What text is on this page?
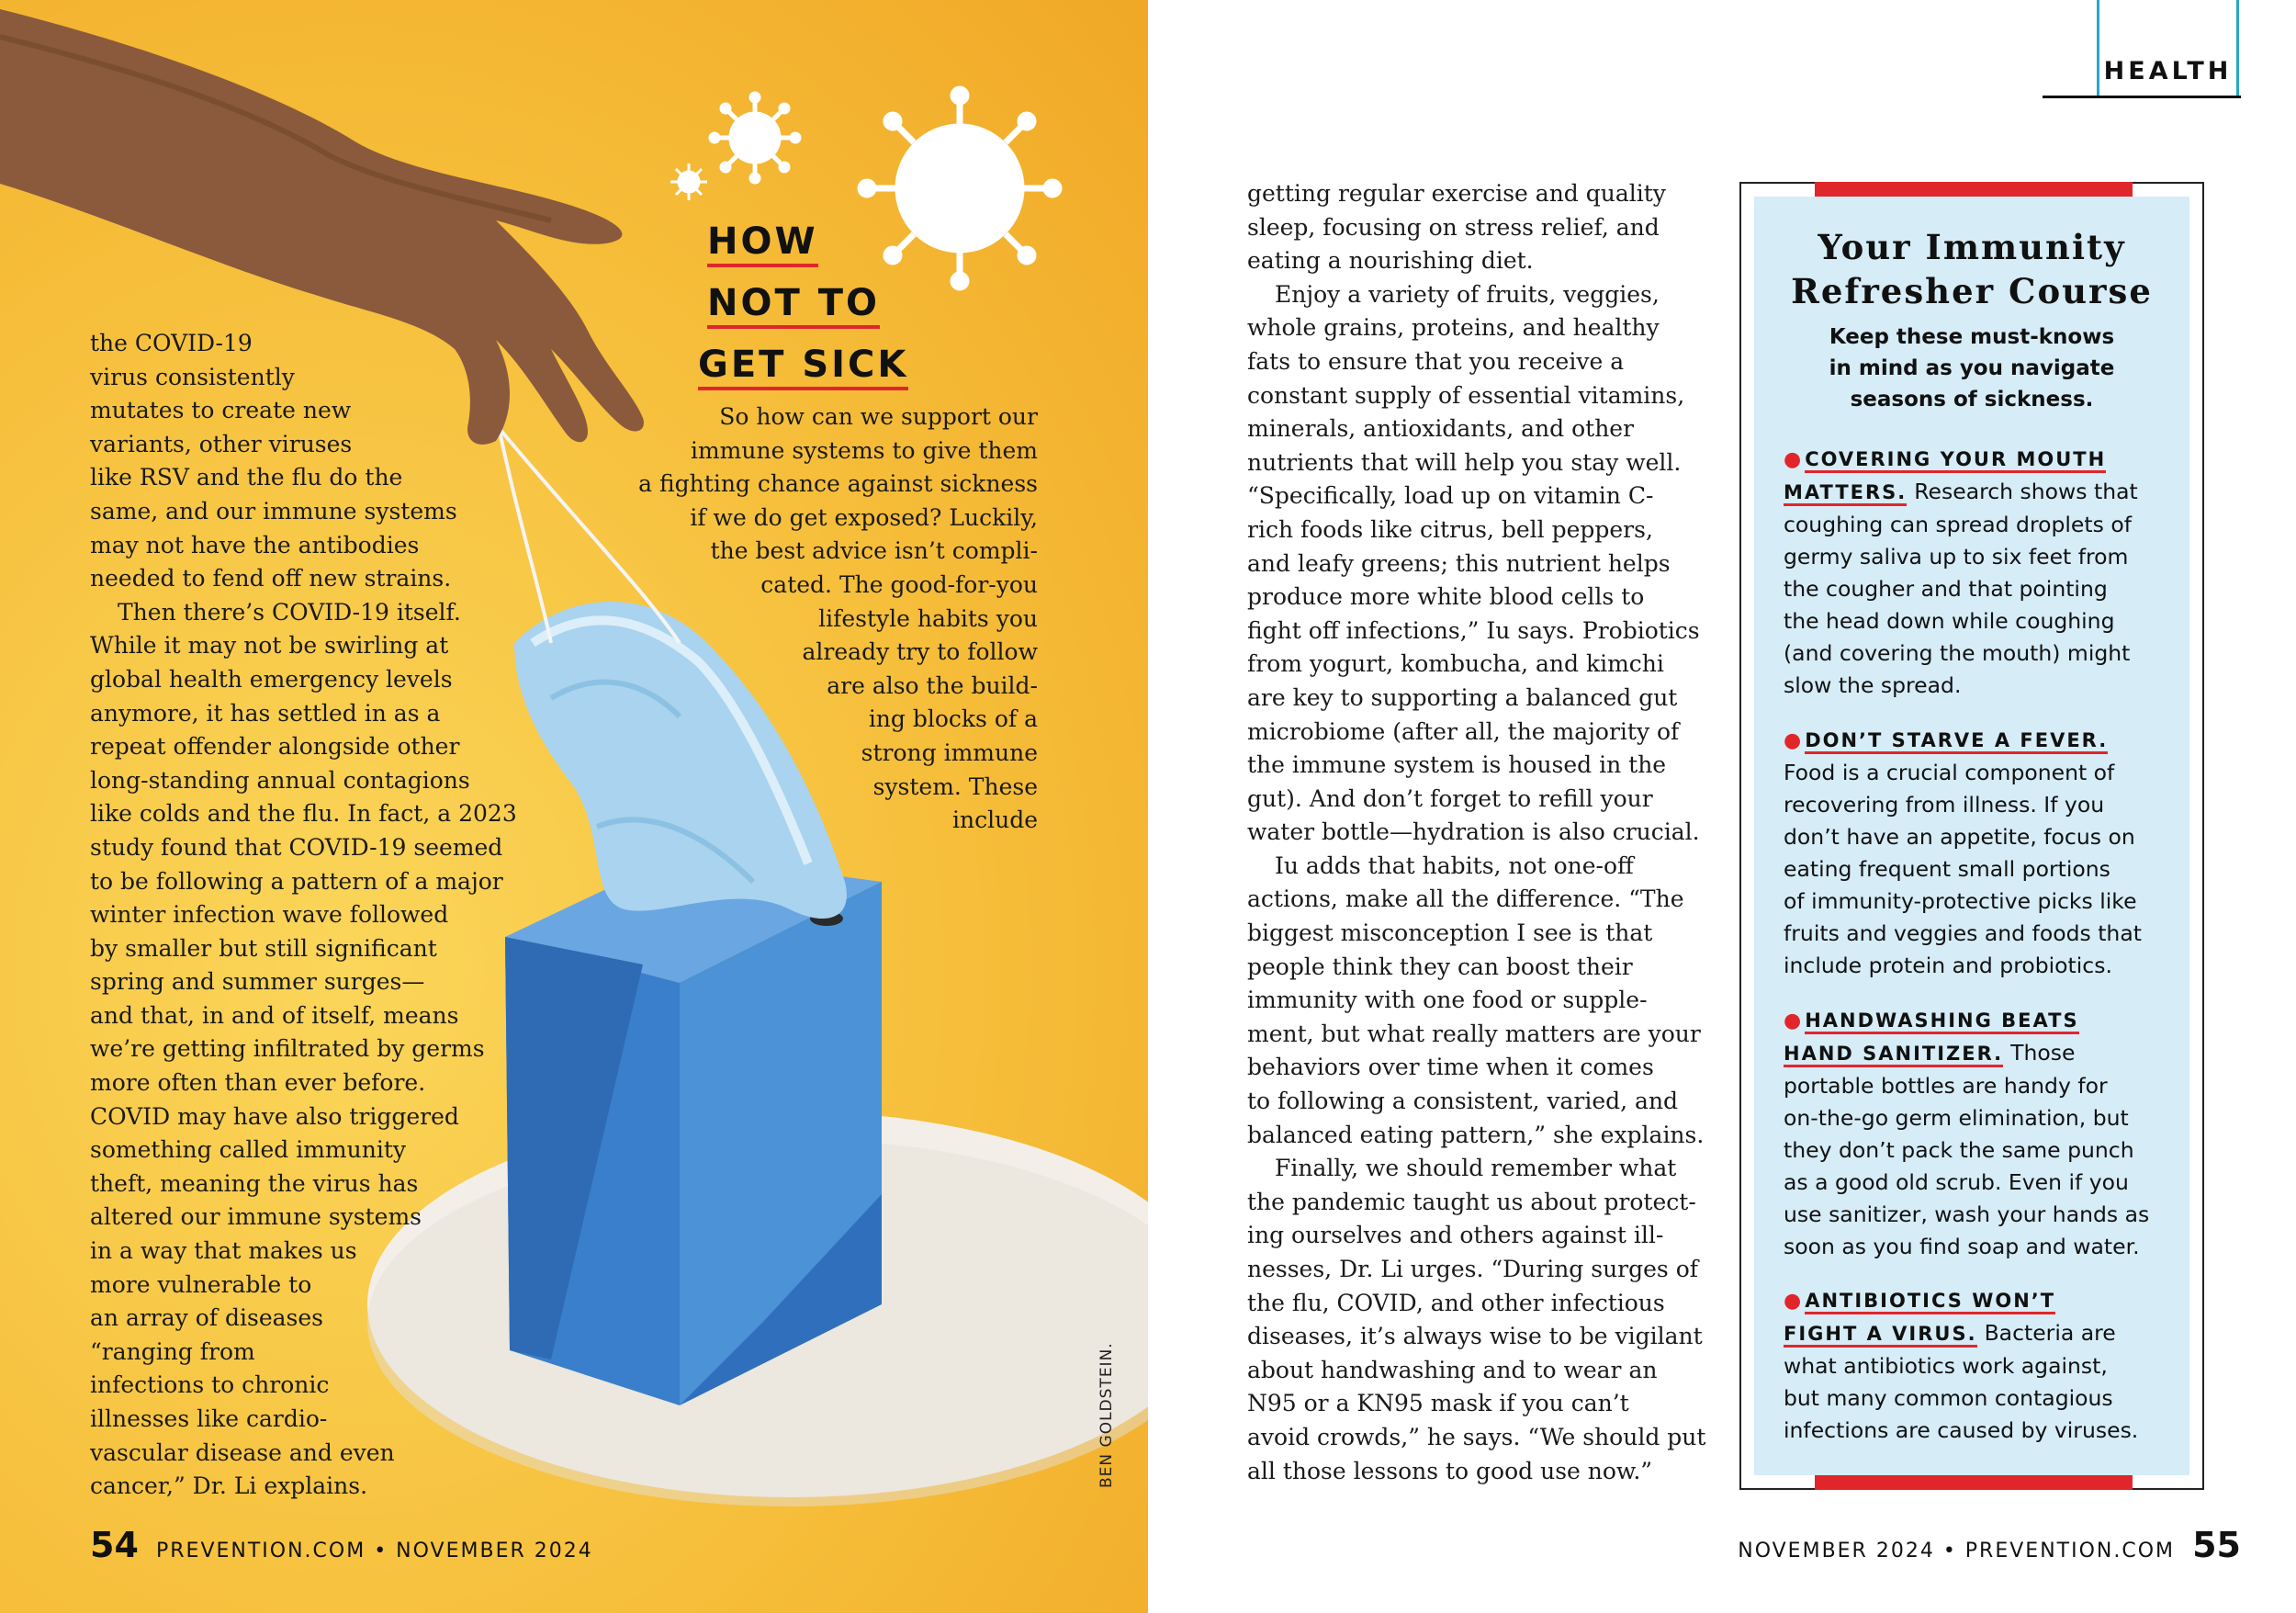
HOW
NOT TO
GET SICK
So how can we support our
immune systems to give them
a fighting chance against sickness
if we do get exposed? Luckily,
the best advice isn’t compli-
cated. The good-for-you
lifestyle habits you
already try to follow
are also the build-
ing blocks of a
strong immune
system. These
include
the COVID-19
virus consistently
mutates to create new
variants, other viruses
like RSV and the flu do the
same, and our immune systems
may not have the antibodies
needed to fend off new strains.
Then there’s COVID-19 itself.
While it may not be swirling at
global health emergency levels
anymore, it has settled in as a
repeat offender alongside other
long-standing annual contagions
like colds and the flu. In fact, a 2023
study found that COVID-19 seemed
to be following a pattern of a major
winter infection wave followed
by smaller but still significant
spring and summer surges—
and that, in and of itself, means
we’re getting infiltrated by germs
more often than ever before.
COVID may have also triggered
something called immunity
theft, meaning the virus has
altered our immune systems
in a way that makes us
more vulnerable to
an array of diseases
“ranging from
infections to chronic
illnesses like cardio-
vascular disease and even
cancer,” Dr. Li explains.	BEN GOLDSTEIN.
54 PREVENTION.COM • NOVEMBER 2024
getting regular exercise and quality
sleep, focusing on stress relief, and
eating a nourishing diet.
Enjoy a variety of fruits, veggies,
whole grains, proteins, and healthy
fats to ensure that you receive a
constant supply of essential vitamins,
minerals, antioxidants, and other
nutrients that will help you stay well.
“Specifically, load up on vitamin C-
rich foods like citrus, bell peppers,
and leafy greens; this nutrient helps
produce more white blood cells to
fight off infections,” Iu says. Probiotics
from yogurt, kombucha, and kimchi
are key to supporting a balanced gut
microbiome (after all, the majority of
the immune system is housed in the
gut). And don’t forget to refill your
water bottle—hydration is also crucial.
Iu adds that habits, not one-off
actions, make all the difference. “The
biggest misconception I see is that
people think they can boost their
immunity with one food or supple-
ment, but what really matters are your
behaviors over time when it comes
to following a consistent, varied, and
balanced eating pattern,” she explains.
Finally, we should remember what
the pandemic taught us about protect-
ing ourselves and others against ill-
nesses, Dr. Li urges. “During surges of
the flu, COVID, and other infectious
diseases, it’s always wise to be vigilant
about handwashing and to wear an
N95 or a KN95 mask if you can’t
avoid crowds,” he says. “We should put
all those lessons to good use now.”
HEALTH
Your Immunity
Refresher Course
Keep these must-knows
in mind as you navigate
seasons of sickness.
● COVERING YOUR MOUTH
MATTERS. Research shows that
coughing can spread droplets of
germy saliva up to six feet from
the cougher and that pointing
the head down while coughing
(and covering the mouth) might
slow the spread.
● DON’T STARVE A FEVER.
Food is a crucial component of
recovering from illness. If you
don’t have an appetite, focus on
eating frequent small portions
of immunity-protective picks like
fruits and veggies and foods that
include protein and probiotics.
● HANDWASHING BEATS
HAND SANITIZER. Those
portable bottles are handy for
on-the-go germ elimination, but
they don’t pack the same punch
as a good old scrub. Even if you
use sanitizer, wash your hands as
soon as you find soap and water.
● ANTIBIOTICS WON’T
FIGHT A VIRUS. Bacteria are
what antibiotics work against,
but many common contagious
infections are caused by viruses.
NOVEMBER 2024 • PREVENTION.COM 55
